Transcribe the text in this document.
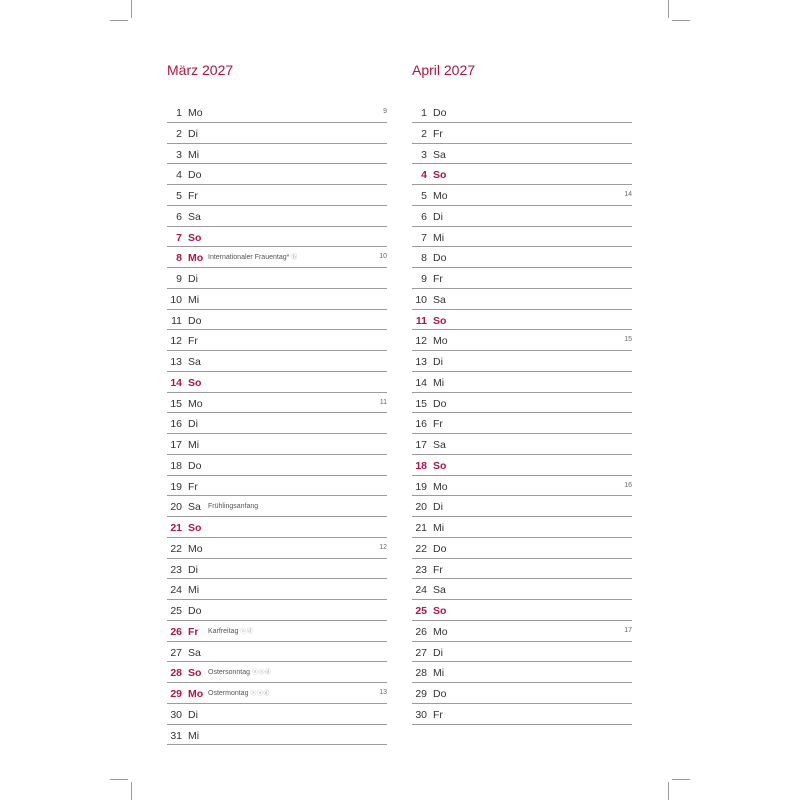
März 2027
1 Mo	9
2 Di
3 Mi
4 Do
5 Fr
6 Sa
7 So
8 Mo Internationaler Frauentag* ⓑ	10
9 Di
10 Mi
11 Do
12 Fr
13 Sa
14 So
15 Mo	11
16 Di
17 Mi
18 Do
19 Fr
20 Sa Frühlingsanfang
21 So
22 Mo	12
23 Di
24 Mi
25 Do
26 Fr Karfreitag ⓐⓓ
27 Sa
28 So Ostersonntag ⓐⓐⓓ
29 Mo Ostermontag ⓐⓐⓓ	13
30 Di
31 Mi
April 2027
1 Do
2 Fr
3 Sa
4 So
5 Mo	14
6 Di
7 Mi
8 Do
9 Fr
10 Sa
11 So
12 Mo	15
13 Di
14 Mi
15 Do
16 Fr
17 Sa
18 So
19 Mo	16
20 Di
21 Mi
22 Do
23 Fr
24 Sa
25 So
26 Mo	17
27 Di
28 Mi
29 Do
30 Fr
